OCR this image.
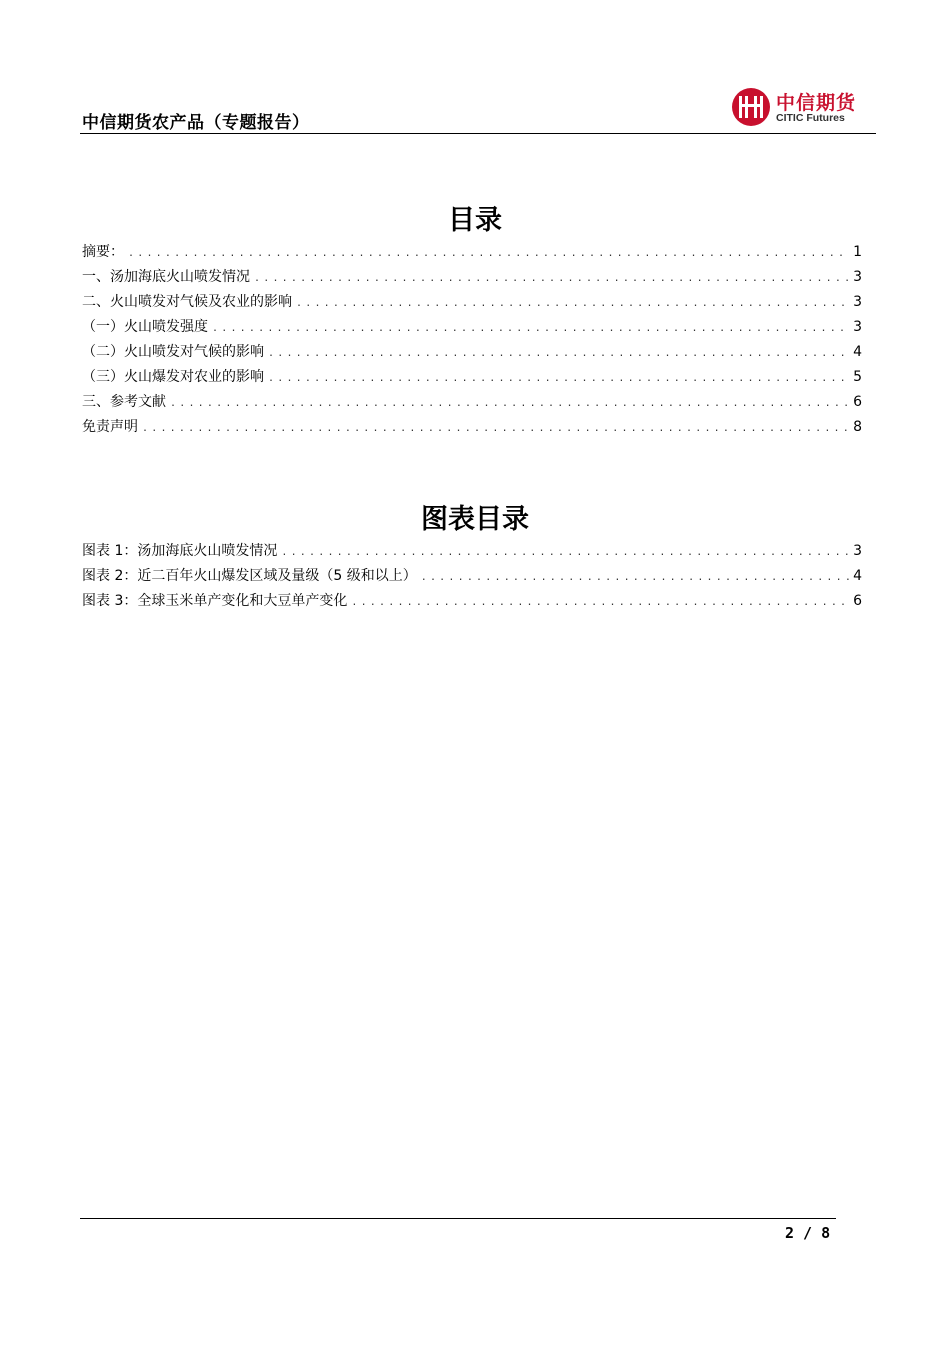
中信期货农产品（专题报告）
中信期货
CITIC Futures
目录
摘要： .....	1
一、汤加海底火山喷发情况 .....	3
二、火山喷发对气候及农业的影响 .....	3
（一）火山喷发强度 .....	3
（二）火山喷发对气候的影响 .....	4
（三）火山爆发对农业的影响 .....	5
三、参考文献 .....	6
免责声明 .....	8
图表目录
图表 1：汤加海底火山喷发情况 .....	3
图表 2：近二百年火山爆发区域及量级（5 级和以上） .....	4
图表 3：全球玉米单产变化和大豆单产变化 .....	6
2 / 8
